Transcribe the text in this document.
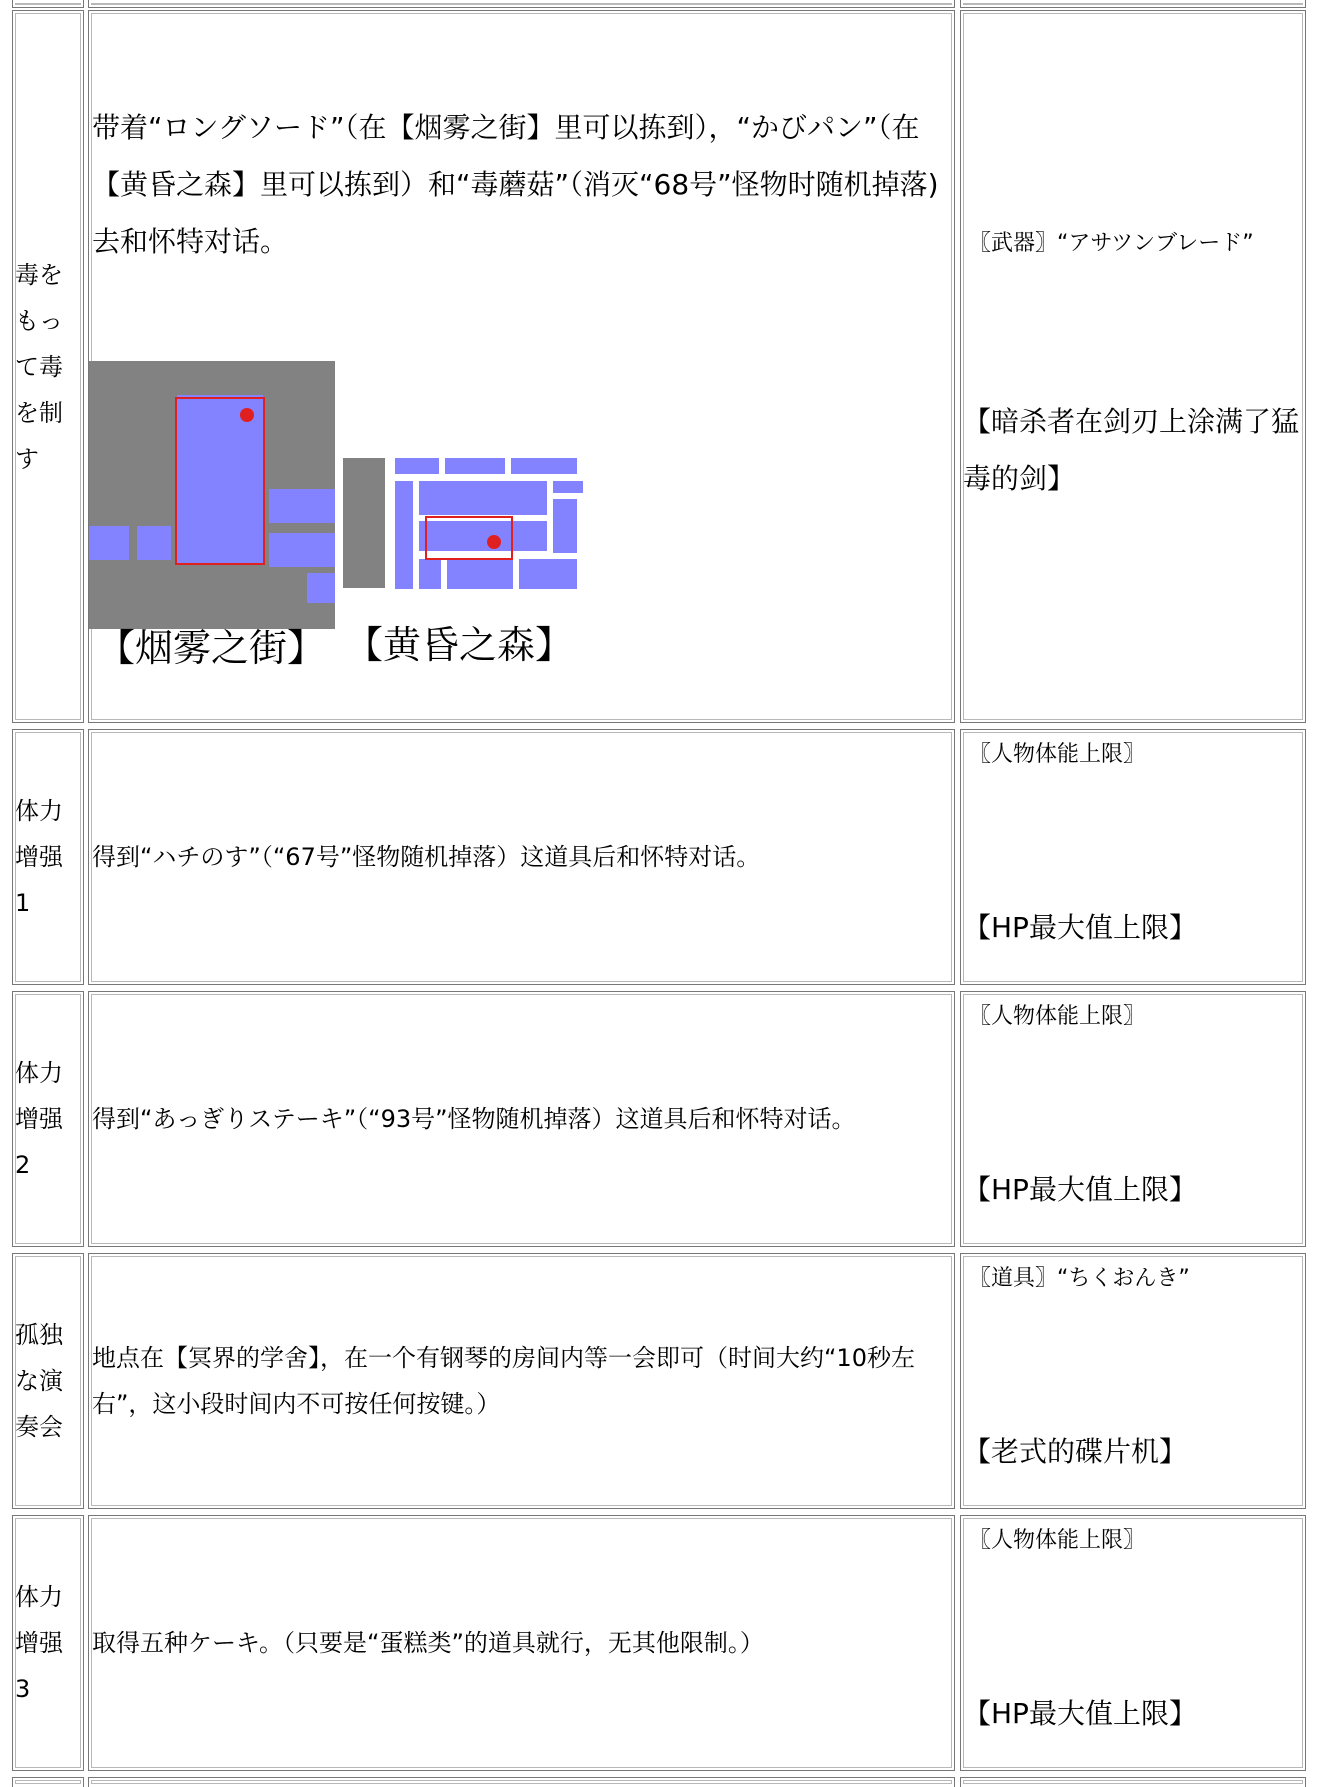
毒をもって毒を制す
带着“ロングソード”（在【烟雾之街】里可以拣到），“かびパン”（在【黄昏之森】里可以拣到）和“毒蘑菇”（消灭“68号”怪物时随机掉落)去和怀特对话。
【烟雾之街】 【黄昏之森】
〖武器〗“アサツンブレード”
【暗杀者在剑刃上涂满了猛毒的剑】
体力增强1
得到“ハチのす”（“67号”怪物随机掉落）这道具后和怀特对话。
〖人物体能上限〗
【HP最大值上限】
体力增强2
得到“あっぎりステーキ”（“93号”怪物随机掉落）这道具后和怀特对话。
〖人物体能上限〗
【HP最大值上限】
孤独な演奏会
地点在【冥界的学舍】，在一个有钢琴的房间内等一会即可（时间大约“10秒左右”，这小段时间内不可按任何按键。）
〖道具〗“ちくおんき”
【老式的碟片机】
体力增强3
取得五种ケーキ。（只要是“蛋糕类”的道具就行，无其他限制。）
〖人物体能上限〗
【HP最大值上限】
